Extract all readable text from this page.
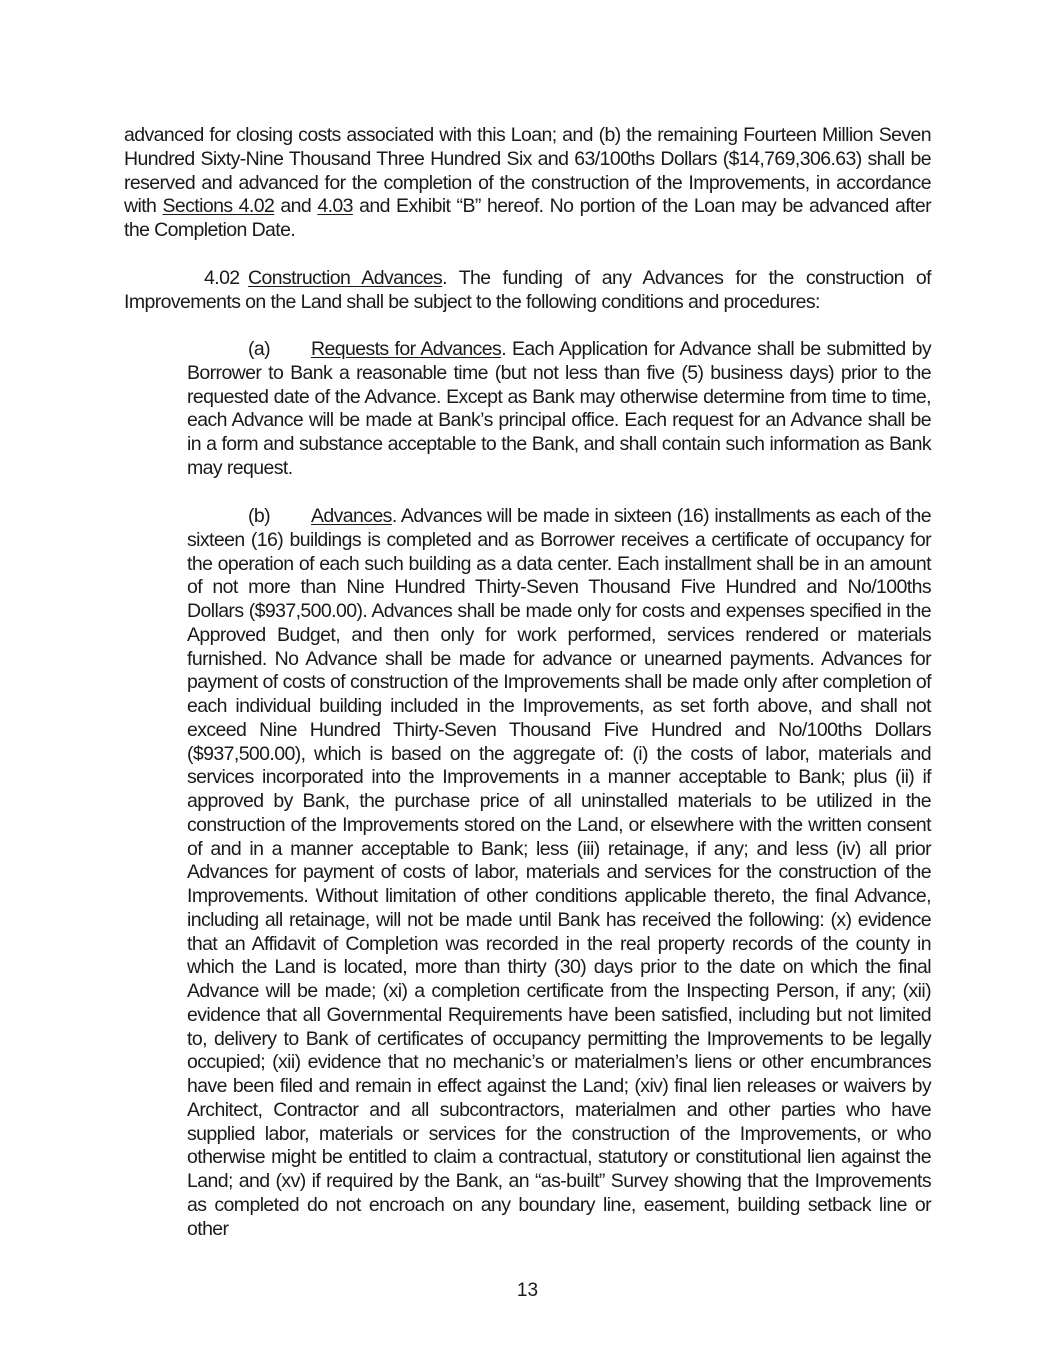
advanced for closing costs associated with this Loan; and (b) the remaining Fourteen Million Seven Hundred Sixty-Nine Thousand Three Hundred Six and 63/100ths Dollars ($14,769,306.63) shall be reserved and advanced for the completion of the construction of the Improvements, in accordance with Sections 4.02 and 4.03 and Exhibit “B” hereof. No portion of the Loan may be advanced after the Completion Date.
4.02 Construction Advances. The funding of any Advances for the construction of Improvements on the Land shall be subject to the following conditions and procedures:
(a) Requests for Advances. Each Application for Advance shall be submitted by Borrower to Bank a reasonable time (but not less than five (5) business days) prior to the requested date of the Advance. Except as Bank may otherwise determine from time to time, each Advance will be made at Bank’s principal office. Each request for an Advance shall be in a form and substance acceptable to the Bank, and shall contain such information as Bank may request.
(b) Advances. Advances will be made in sixteen (16) installments as each of the sixteen (16) buildings is completed and as Borrower receives a certificate of occupancy for the operation of each such building as a data center. Each installment shall be in an amount of not more than Nine Hundred Thirty-Seven Thousand Five Hundred and No/100ths Dollars ($937,500.00). Advances shall be made only for costs and expenses specified in the Approved Budget, and then only for work performed, services rendered or materials furnished. No Advance shall be made for advance or unearned payments. Advances for payment of costs of construction of the Improvements shall be made only after completion of each individual building included in the Improvements, as set forth above, and shall not exceed Nine Hundred Thirty-Seven Thousand Five Hundred and No/100ths Dollars ($937,500.00), which is based on the aggregate of: (i) the costs of labor, materials and services incorporated into the Improvements in a manner acceptable to Bank; plus (ii) if approved by Bank, the purchase price of all uninstalled materials to be utilized in the construction of the Improvements stored on the Land, or elsewhere with the written consent of and in a manner acceptable to Bank; less (iii) retainage, if any; and less (iv) all prior Advances for payment of costs of labor, materials and services for the construction of the Improvements. Without limitation of other conditions applicable thereto, the final Advance, including all retainage, will not be made until Bank has received the following: (x) evidence that an Affidavit of Completion was recorded in the real property records of the county in which the Land is located, more than thirty (30) days prior to the date on which the final Advance will be made; (xi) a completion certificate from the Inspecting Person, if any; (xii) evidence that all Governmental Requirements have been satisfied, including but not limited to, delivery to Bank of certificates of occupancy permitting the Improvements to be legally occupied; (xii) evidence that no mechanic’s or materialmen’s liens or other encumbrances have been filed and remain in effect against the Land; (xiv) final lien releases or waivers by Architect, Contractor and all subcontractors, materialmen and other parties who have supplied labor, materials or services for the construction of the Improvements, or who otherwise might be entitled to claim a contractual, statutory or constitutional lien against the Land; and (xv) if required by the Bank, an “as-built” Survey showing that the Improvements as completed do not encroach on any boundary line, easement, building setback line or other
13
